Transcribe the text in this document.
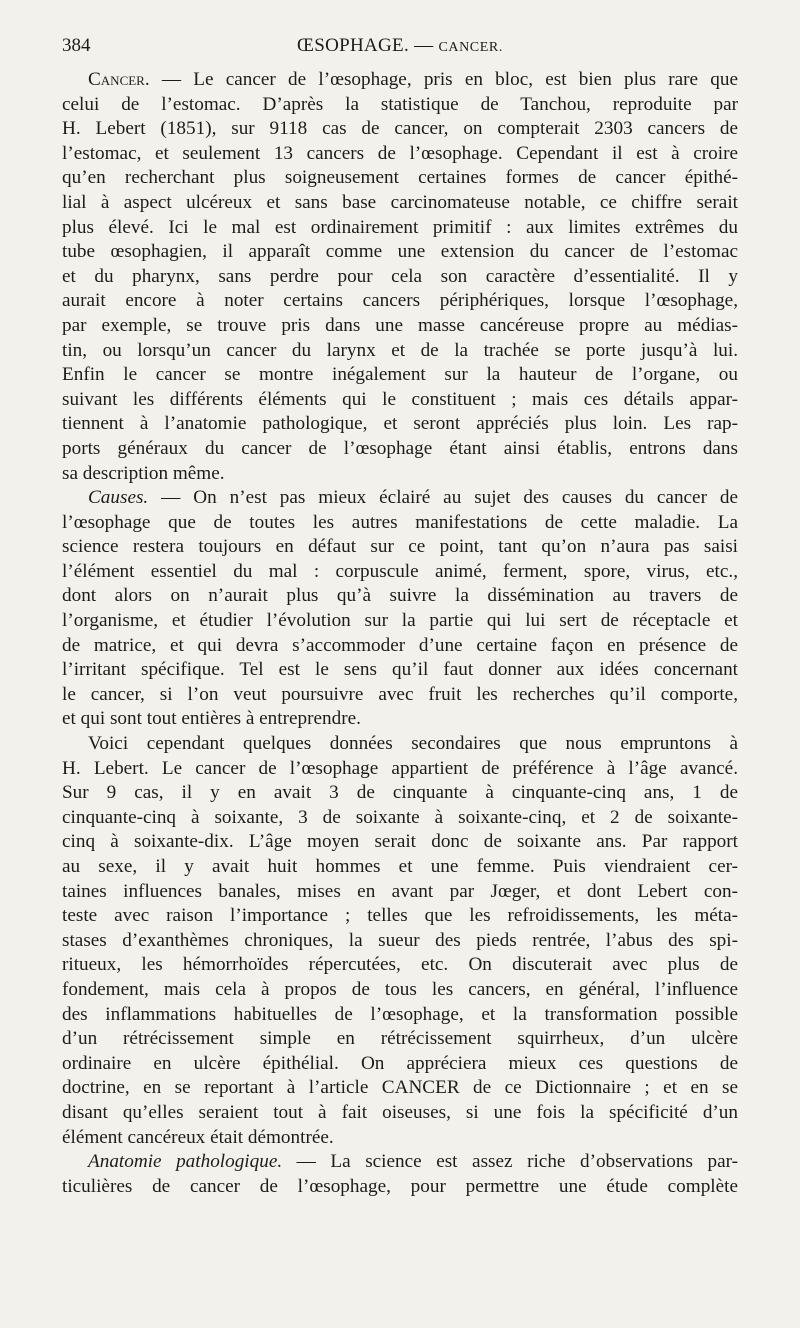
384	ŒSOPHAGE. — CANCER.
Cancer. — Le cancer de l’œsophage, pris en bloc, est bien plus rare que
celui de l’estomac. D’après la statistique de Tanchou, reproduite par
H. Lebert (1851), sur 9118 cas de cancer, on compterait 2303 cancers de
l’estomac, et seulement 13 cancers de l’œsophage. Cependant il est à croire
qu’en recherchant plus soigneusement certaines formes de cancer épithé-
lial à aspect ulcéreux et sans base carcinomateuse notable, ce chiffre serait
plus élevé. Ici le mal est ordinairement primitif : aux limites extrêmes du
tube œsophagien, il apparaît comme une extension du cancer de l’estomac
et du pharynx, sans perdre pour cela son caractère d’essentialité. Il y
aurait encore à noter certains cancers périphériques, lorsque l’œsophage,
par exemple, se trouve pris dans une masse cancéreuse propre au médias-
tin, ou lorsqu’un cancer du larynx et de la trachée se porte jusqu’à lui.
Enfin le cancer se montre inégalement sur la hauteur de l’organe, ou
suivant les différents éléments qui le constituent ; mais ces détails appar-
tiennent à l’anatomie pathologique, et seront appréciés plus loin. Les rap-
ports généraux du cancer de l’œsophage étant ainsi établis, entrons dans
sa description même.
Causes. — On n’est pas mieux éclairé au sujet des causes du cancer de
l’œsophage que de toutes les autres manifestations de cette maladie. La
science restera toujours en défaut sur ce point, tant qu’on n’aura pas saisi
l’élément essentiel du mal : corpuscule animé, ferment, spore, virus, etc.,
dont alors on n’aurait plus qu’à suivre la dissémination au travers de
l’organisme, et étudier l’évolution sur la partie qui lui sert de réceptacle et
de matrice, et qui devra s’accommoder d’une certaine façon en présence de
l’irritant spécifique. Tel est le sens qu’il faut donner aux idées concernant
le cancer, si l’on veut poursuivre avec fruit les recherches qu’il comporte,
et qui sont tout entières à entreprendre.
Voici cependant quelques données secondaires que nous empruntons à
H. Lebert. Le cancer de l’œsophage appartient de préférence à l’âge avancé.
Sur 9 cas, il y en avait 3 de cinquante à cinquante-cinq ans, 1 de
cinquante-cinq à soixante, 3 de soixante à soixante-cinq, et 2 de soixante-
cinq à soixante-dix. L’âge moyen serait donc de soixante ans. Par rapport
au sexe, il y avait huit hommes et une femme. Puis viendraient cer-
taines influences banales, mises en avant par Jœger, et dont Lebert con-
teste avec raison l’importance ; telles que les refroidissements, les méta-
stases d’exanthèmes chroniques, la sueur des pieds rentrée, l’abus des spi-
ritueux, les hémorrhoïdes répercutées, etc. On discuterait avec plus de
fondement, mais cela à propos de tous les cancers, en général, l’influence
des inflammations habituelles de l’œsophage, et la transformation possible
d’un rétrécissement simple en rétrécissement squirrheux, d’un ulcère
ordinaire en ulcère épithélial. On appréciera mieux ces questions de
doctrine, en se reportant à l’article CANCER de ce Dictionnaire ; et en se
disant qu’elles seraient tout à fait oiseuses, si une fois la spécificité d’un
élément cancéreux était démontrée.
Anatomie pathologique. — La science est assez riche d’observations par-
ticulières de cancer de l’œsophage, pour permettre une étude complète
